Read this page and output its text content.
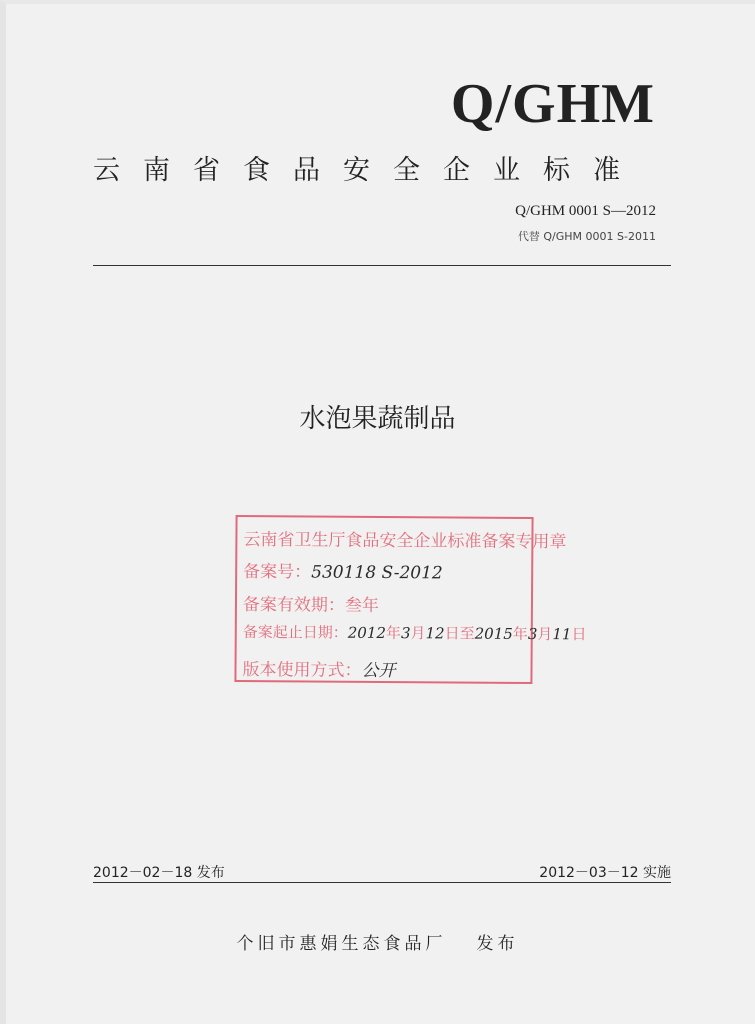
Q/GHM
云南省食品安全企业标准
Q/GHM 0001 S—2012
代替 Q/GHM 0001 S-2011
水泡果蔬制品
云南省卫生厅食品安全企业标准备案专用章
备案号：530118 S-2012
备案有效期：叁年
备案起止日期：2012年3月12日至2015年3月11日
版本使用方式：公开
2012－02－18 发布	2012－03－12 实施
个旧市惠娟生态食品厂 发布
